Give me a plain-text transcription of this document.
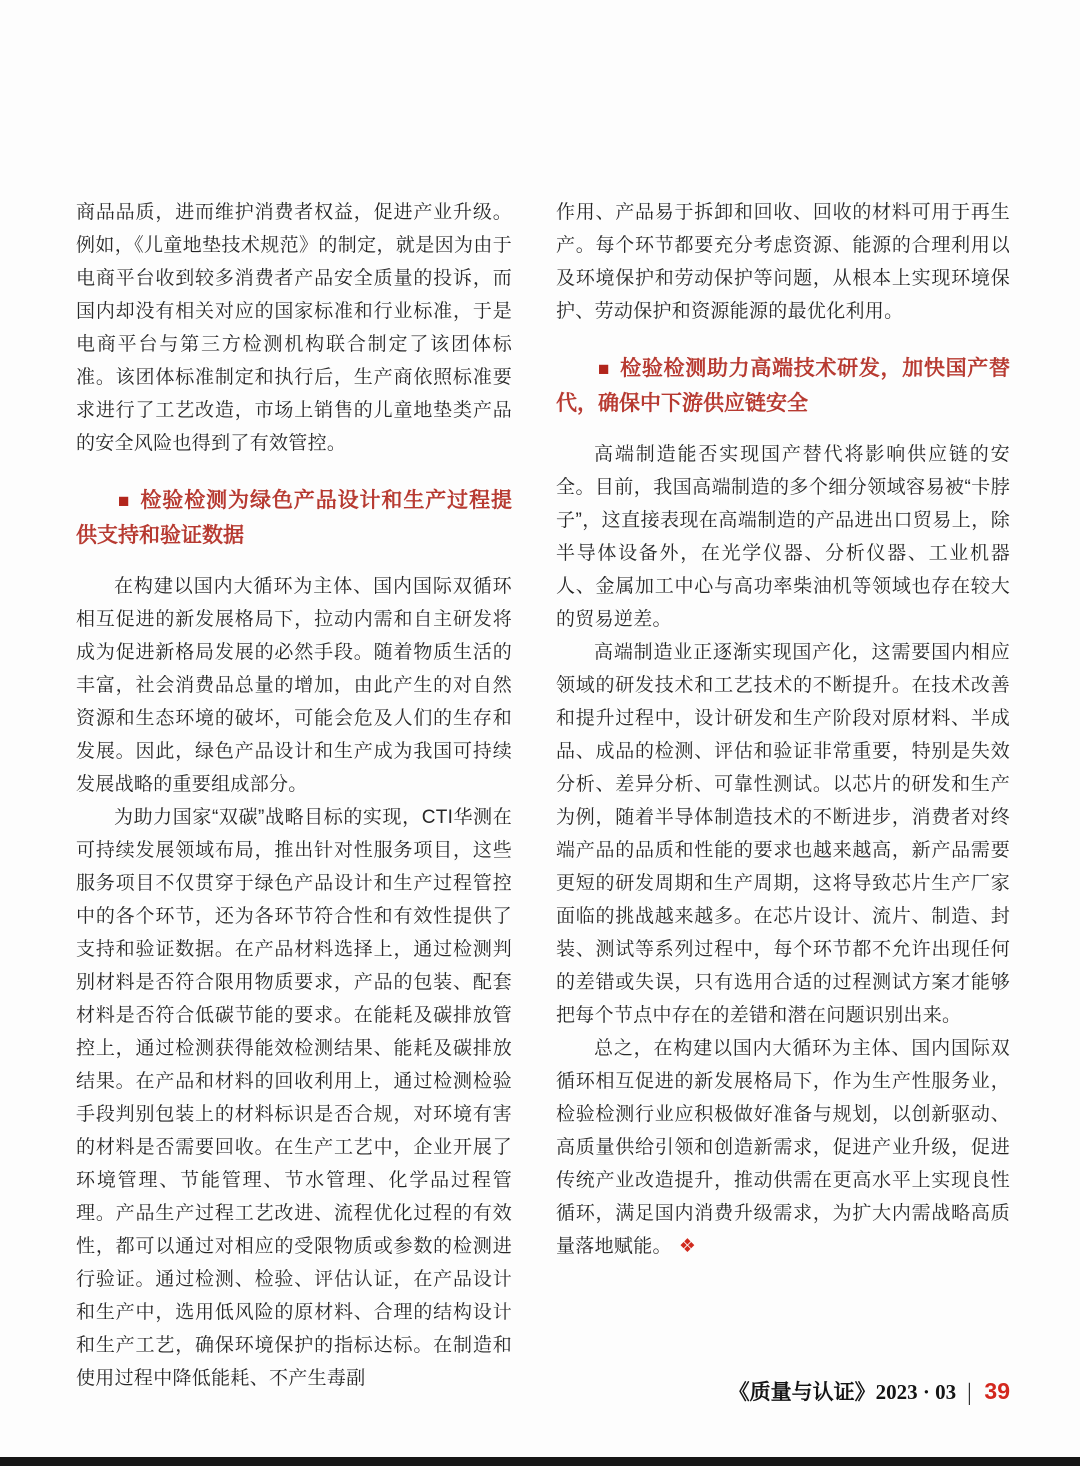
商品品质，进而维护消费者权益，促进产业升级。例如，《儿童地垫技术规范》的制定，就是因为由于电商平台收到较多消费者产品安全质量的投诉，而国内却没有相关对应的国家标准和行业标准，于是电商平台与第三方检测机构联合制定了该团体标准。该团体标准制定和执行后，生产商依照标准要求进行了工艺改造，市场上销售的儿童地垫类产品的安全风险也得到了有效管控。

■ 检验检测为绿色产品设计和生产过程提供支持和验证数据

在构建以国内大循环为主体、国内国际双循环相互促进的新发展格局下，拉动内需和自主研发将成为促进新格局发展的必然手段。随着物质生活的丰富，社会消费品总量的增加，由此产生的对自然资源和生态环境的破坏，可能会危及人们的生存和发展。因此，绿色产品设计和生产成为我国可持续发展战略的重要组成部分。

为助力国家“双碳”战略目标的实现，CTI华测在可持续发展领域布局，推出针对性服务项目，这些服务项目不仅贯穿于绿色产品设计和生产过程管控中的各个环节，还为各环节符合性和有效性提供了支持和验证数据。在产品材料选择上，通过检测判别材料是否符合限用物质要求，产品的包装、配套材料是否符合低碳节能的要求。在能耗及碳排放管控上，通过检测获得能效检测结果、能耗及碳排放结果。在产品和材料的回收利用上，通过检测检验手段判别包装上的材料标识是否合规，对环境有害的材料是否需要回收。在生产工艺中，企业开展了环境管理、节能管理、节水管理、化学品过程管理。产品生产过程工艺改进、流程优化过程的有效性，都可以通过对相应的受限物质或参数的检测进行验证。通过检测、检验、评估认证，在产品设计和生产中，选用低风险的原材料、合理的结构设计和生产工艺，确保环境保护的指标达标。在制造和使用过程中降低能耗、不产生毒副

作用、产品易于拆卸和回收、回收的材料可用于再生产。每个环节都要充分考虑资源、能源的合理利用以及环境保护和劳动保护等问题，从根本上实现环境保护、劳动保护和资源能源的最优化利用。

■ 检验检测助力高端技术研发，加快国产替代，确保中下游供应链安全

高端制造能否实现国产替代将影响供应链的安全。目前，我国高端制造的多个细分领域容易被“卡脖子”，这直接表现在高端制造的产品进出口贸易上，除半导体设备外，在光学仪器、分析仪器、工业机器人、金属加工中心与高功率柴油机等领域也存在较大的贸易逆差。

高端制造业正逐渐实现国产化，这需要国内相应领域的研发技术和工艺技术的不断提升。在技术改善和提升过程中，设计研发和生产阶段对原材料、半成品、成品的检测、评估和验证非常重要，特别是失效分析、差异分析、可靠性测试。以芯片的研发和生产为例，随着半导体制造技术的不断进步，消费者对终端产品的品质和性能的要求也越来越高，新产品需要更短的研发周期和生产周期，这将导致芯片生产厂家面临的挑战越来越多。在芯片设计、流片、制造、封装、测试等系列过程中，每个环节都不允许出现任何的差错或失误，只有选用合适的过程测试方案才能够把每个节点中存在的差错和潜在问题识别出来。

总之，在构建以国内大循环为主体、国内国际双循环相互促进的新发展格局下，作为生产性服务业，检验检测行业应积极做好准备与规划，以创新驱动、高质量供给引领和创造新需求，促进产业升级，促进传统产业改造提升，推动供需在更高水平上实现良性循环，满足国内消费升级需求，为扩大内需战略高质量落地赋能。 ❖

《质量与认证》2023 · 03 | 39
